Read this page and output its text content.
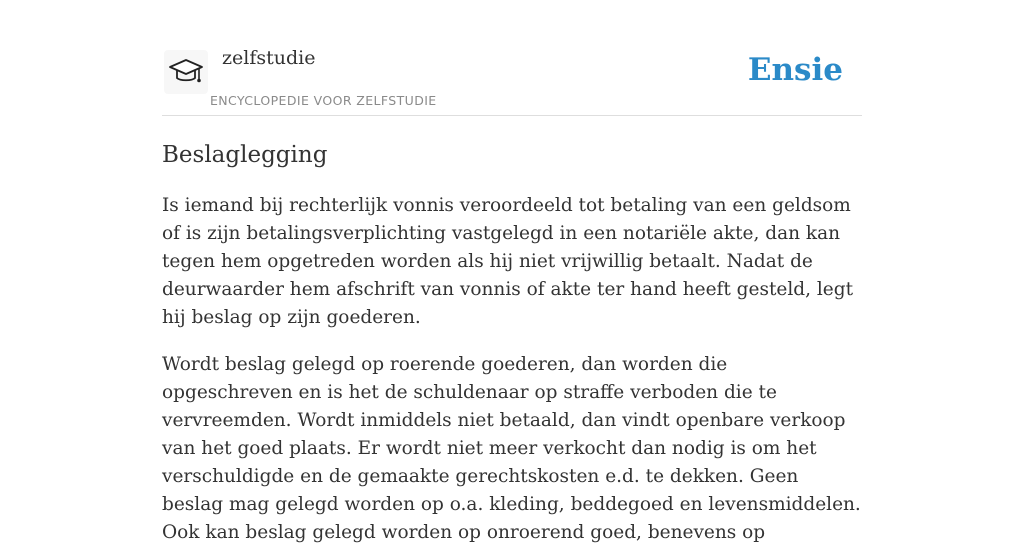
zelfstudie
ENCYCLOPEDIE VOOR ZELFSTUDIE
Ensie
Beslaglegging

Is iemand bij rechterlijk vonnis veroordeeld tot betaling van een geldsom of is zijn betalingsverplichting vastgelegd in een notariële akte, dan kan tegen hem opgetreden worden als hij niet vrijwillig betaalt. Nadat de deurwaarder hem afschrift van vonnis of akte ter hand heeft gesteld, legt hij beslag op zijn goederen.

Wordt beslag gelegd op roerende goederen, dan worden die opgeschreven en is het de schuldenaar op straffe verboden die te vervreemden. Wordt inmiddels niet betaald, dan vindt openbare verkoop van het goed plaats. Er wordt niet meer verkocht dan nodig is om het verschuldigde en de gemaakte gerechtskosten e.d. te dekken. Geen beslag mag gelegd worden op o.a. kleding, beddegoed en levensmiddelen. Ook kan beslag gelegd worden op onroerend goed, benevens op
